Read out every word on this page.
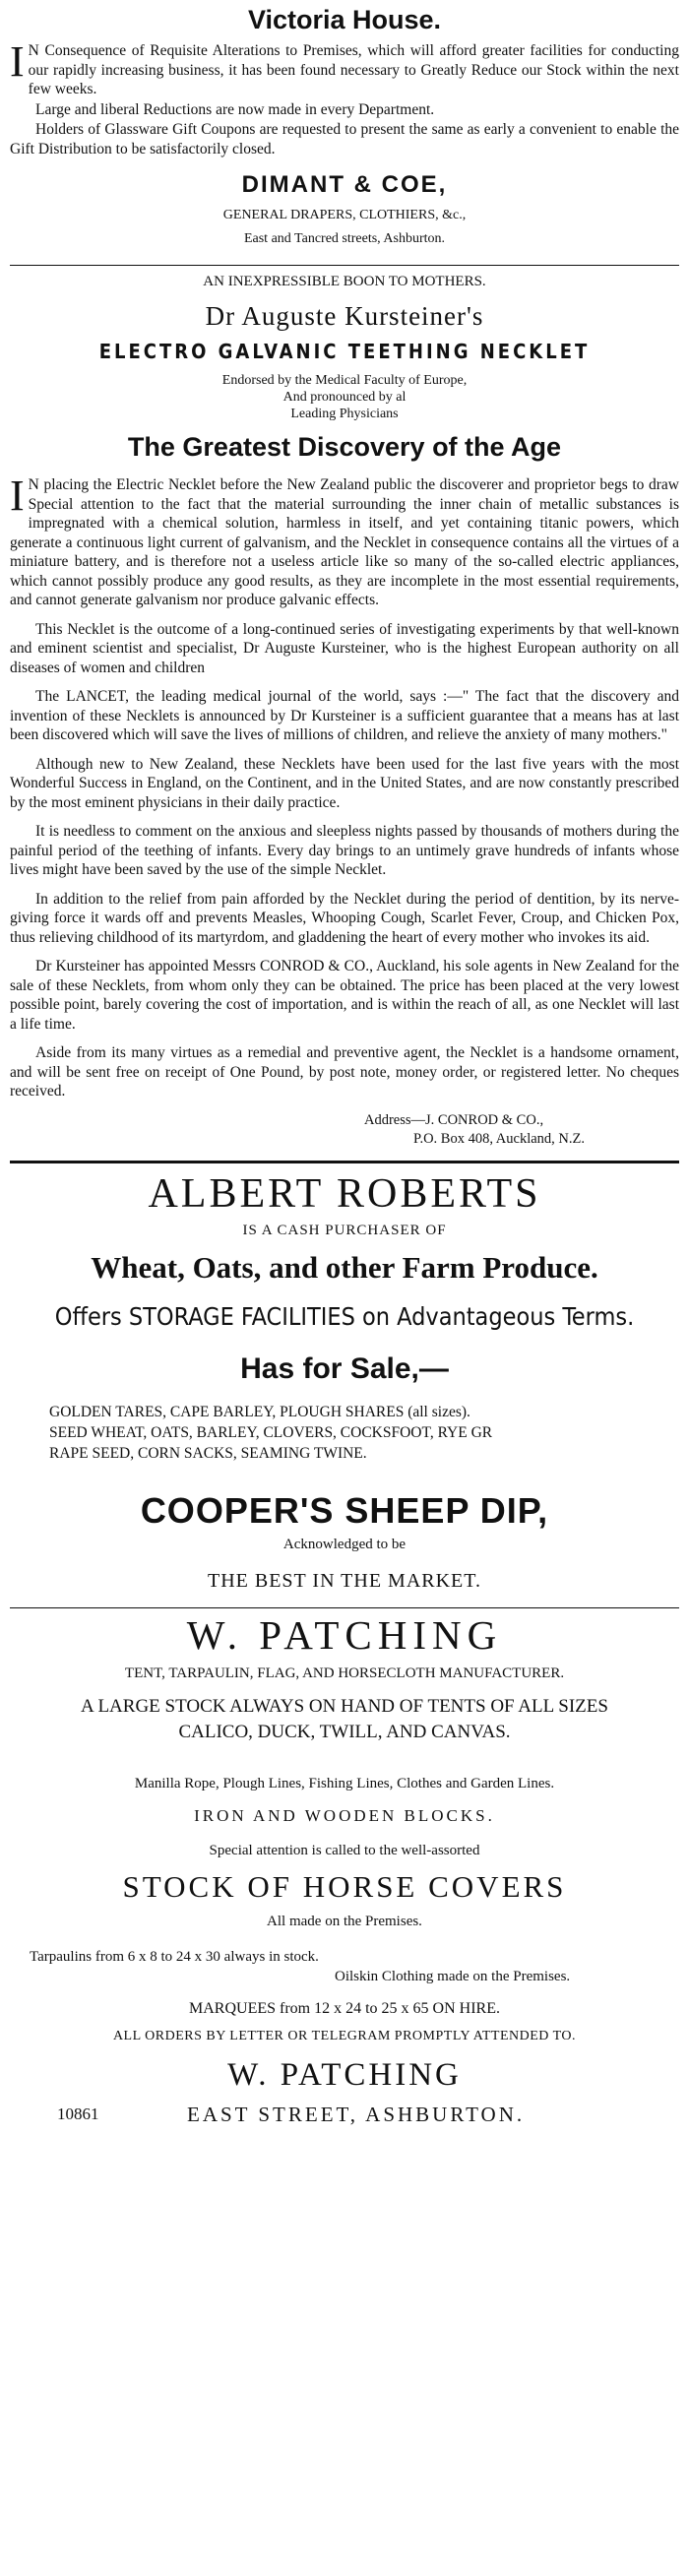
Victoria House.
I N Consequence of Requisite Alterations to Premises, which will afford greater facilities for conducting our rapidly increasing business, it has been found necessary to Greatly Reduce our Stock within the next few weeks.
Large and liberal Reductions are now made in every Department.
Holders of Glassware Gift Coupons are requested to present the same as early a convenient to enable the Gift Distribution to be satisfactorily closed.
DIMANT & COE,
GENERAL DRAPERS, CLOTHIERS, &c.,
East and Tancred streets, Ashburton.
AN INEXPRESSIBLE BOON TO MOTHERS.
Dr Auguste Kursteiner's
ELECTRO GALVANIC TEETHING NECKLET
Endorsed by the Medical Faculty of Europe,
And pronounced by al
Leading Physicians
The Greatest Discovery of the Age
I N placing the Electric Necklet before the New Zealand public the discoverer and proprietor begs to draw Special attention to the fact that the material surrounding the inner chain of metallic substances is impregnated with a chemical solution, harmless in itself, and yet containing titanic powers, which generate a continuous light current of galvanism, and the Necklet in consequence contains all the virtues of a miniature battery, and is therefore not a useless article like so many of the so-called electric appliances, which cannot possibly produce any good results, as they are incomplete in the most essential requirements, and cannot generate galvanism nor produce galvanic effects.
This Necklet is the outcome of a long-continued series of investigating experiments by that well-known and eminent scientist and specialist, Dr Auguste Kursteiner, who is the highest European authority on all diseases of women and children
The LANCET, the leading medical journal of the world, says :—" The fact that the discovery and invention of these Necklets is announced by Dr Kursteiner is a sufficient guarantee that a means has at last been discovered which will save the lives of millions of children, and relieve the anxiety of many mothers."
Although new to New Zealand, these Necklets have been used for the last five years with the most Wonderful Success in England, on the Continent, and in the United States, and are now constantly prescribed by the most eminent physicians in their daily practice.
It is needless to comment on the anxious and sleepless nights passed by thousands of mothers during the painful period of the teething of infants. Every day brings to an untimely grave hundreds of infants whose lives might have been saved by the use of the simple Necklet.
In addition to the relief from pain afforded by the Necklet during the period of dentition, by its nerve-giving force it wards off and prevents Measles, Whooping Cough, Scarlet Fever, Croup, and Chicken Pox, thus relieving childhood of its martyrdom, and gladdening the heart of every mother who invokes its aid.
Dr Kursteiner has appointed Messrs CONROD & CO., Auckland, his sole agents in New Zealand for the sale of these Necklets, from whom only they can be obtained. The price has been placed at the very lowest possible point, barely covering the cost of importation, and is within the reach of all, as one Necklet will last a life time.
Aside from its many virtues as a remedial and preventive agent, the Necklet is a handsome ornament, and will be sent free on receipt of One Pound, by post note, money order, or registered letter. No cheques received.
Address—J. CONROD & CO.,
P.O. Box 408, Auckland, N.Z.
ALBERT ROBERTS
IS A CASH PURCHASER OF
Wheat, Oats, and other Farm Produce.
Offers STORAGE FACILITIES on Advantageous Terms.
Has for Sale,—
GOLDEN TARES, CAPE BARLEY, PLOUGH SHARES (all sizes).
SEED WHEAT, OATS, BARLEY, CLOVERS, COCKSFOOT, RYE GR
RAPE SEED, CORN SACKS, SEAMING TWINE.
COOPER'S SHEEP DIP,
Acknowledged to be
THE BEST IN THE MARKET.
W. PATCHING
TENT, TARPAULIN, FLAG, AND HORSECLOTH MANUFACTURER.
A LARGE STOCK ALWAYS ON HAND OF TENTS OF ALL SIZES
CALICO, DUCK, TWILL, AND CANVAS.
Manilla Rope, Plough Lines, Fishing Lines, Clothes and Garden Lines.
IRON AND WOODEN BLOCKS.
Special attention is called to the well-assorted
STOCK OF HORSE COVERS
All made on the Premises.
Tarpaulins from 6 x 8 to 24 x 30 always in stock.
Oilskin Clothing made on the Premises.
MARQUEES from 12 x 24 to 25 x 65 ON HIRE.
ALL ORDERS BY LETTER OR TELEGRAM PROMPTLY ATTENDED TO.
W. PATCHING
10861	EAST STREET, ASHBURTON.
